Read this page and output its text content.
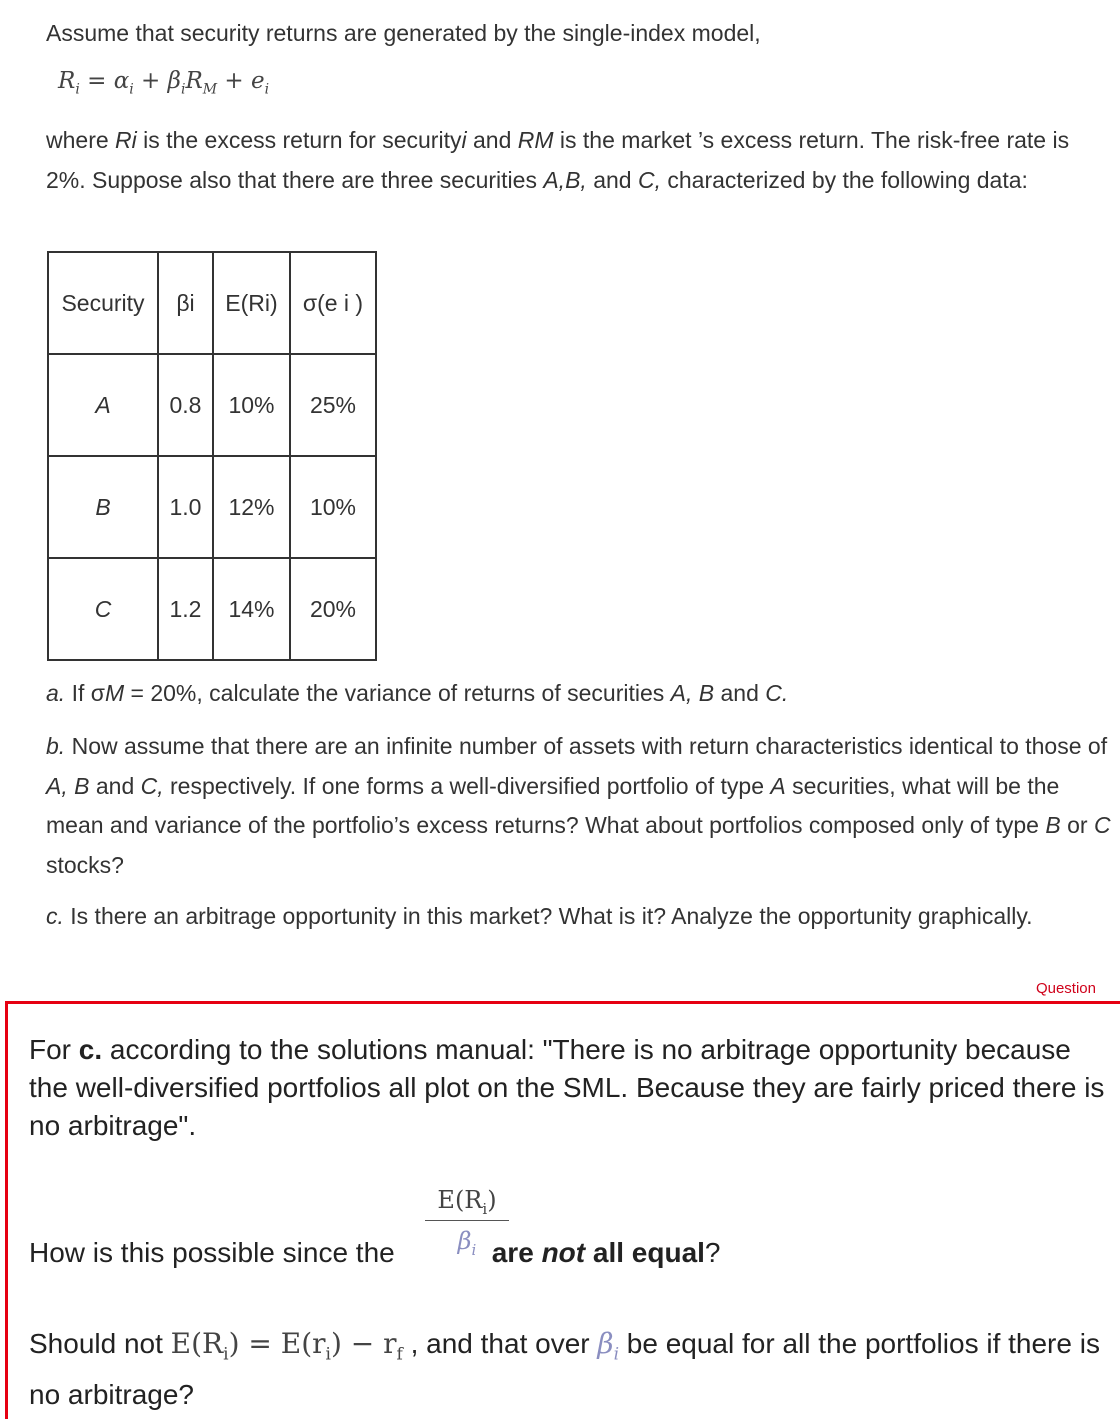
Assume that security returns are generated by the single-index model,

$R_i = \alpha_i + \beta_iR_M + e_i$

where Ri is the excess return for securityi and RM is the market ’s excess return. The risk-free rate is 2%. Suppose also that there are three securities A,B, and C, characterized by the following data:

Security	βi	E(Ri)	σ(e i )
A	0.8	10%	25%
B	1.0	12%	10%
C	1.2	14%	20%

a. If σM = 20%, calculate the variance of returns of securities A, B and C.

b. Now assume that there are an infinite number of assets with return characteristics identical to those of A, B and C, respectively. If one forms a well-diversified portfolio of type A securities, what will be the mean and variance of the portfolio’s excess returns? What about portfolios composed only of type B or C stocks?

c. Is there an arbitrage opportunity in this market? What is it? Analyze the opportunity graphically.

Question

For c. according to the solutions manual: "There is no arbitrage opportunity because the well-diversified portfolios all plot on the SML. Because they are fairly priced there is no arbitrage".

$\frac{E(R_i)}{\beta_i}$
How is this possible since the	are not all equal?

Should not $E(R_i) = E(r_i) - r_f$ , and that over $\beta_i$ be equal for all the portfolios if there is no arbitrage?
